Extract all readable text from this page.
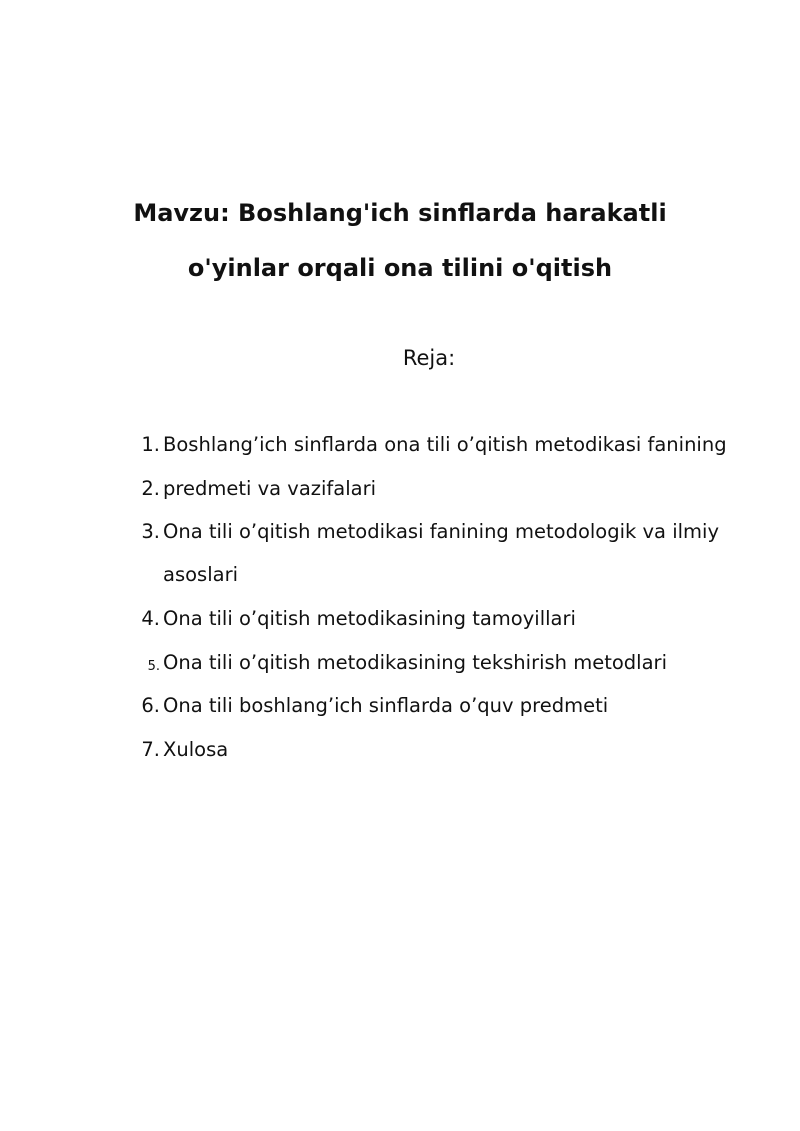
Mavzu: Boshlang'ich sinflarda harakatli
o'yinlar orqali ona tilini o'qitish
Reja:
1. Boshlang’ich sinflarda ona tili o’qitish metodikasi fanining
2. predmeti va vazifalari
3. Ona tili o’qitish metodikasi fanining metodologik va ilmiy
asoslari
4. Ona tili o’qitish metodikasining tamoyillari
5. Ona tili o’qitish metodikasining tekshirish metodlari
6. Ona tili boshlang’ich sinflarda o’quv predmeti
7. Xulosa
